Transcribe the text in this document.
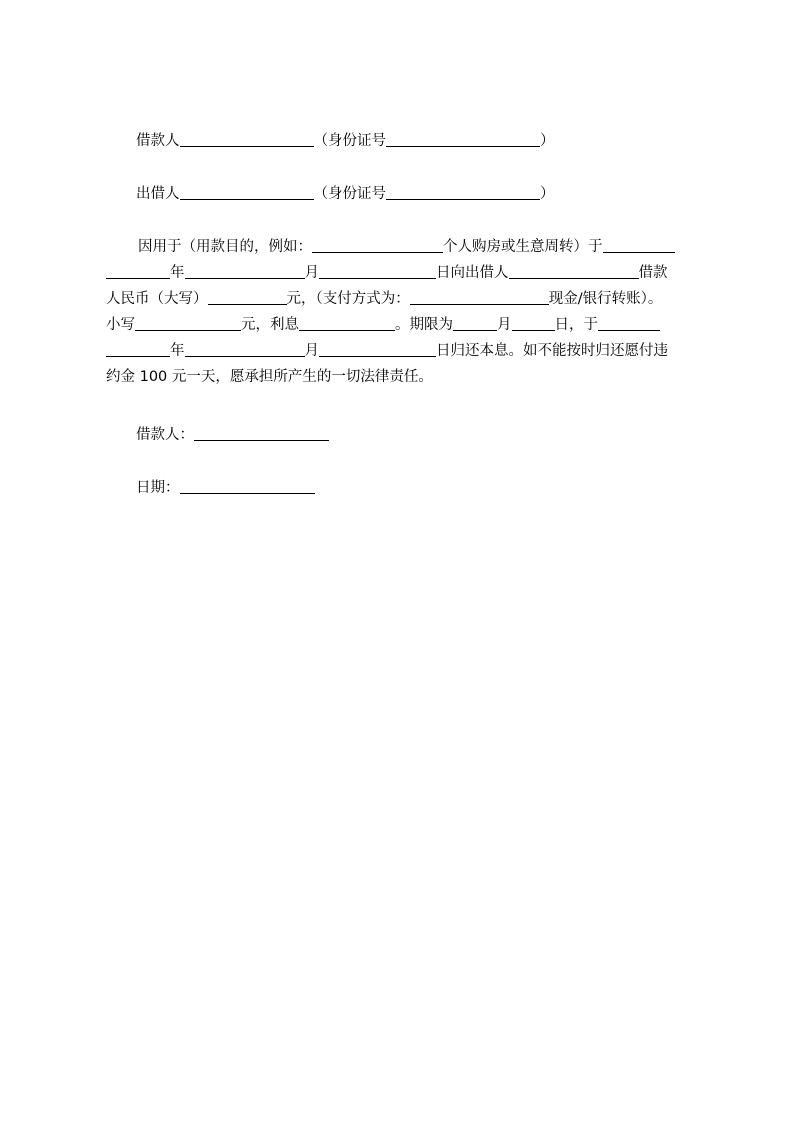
借款人	（身份证号	）
出借人	（身份证号	）
因用于（用款目的，例如：	个人购房或生意周转）于
年	月	日向出借人	借款
人民币（大写）	元，（支付方式为：	现金/银行转账）。
小写	元，利息	。期限为	月	日，于
年	月	日归还本息。如不能按时归还愿付违
约金 100 元一天，愿承担所产生的一切法律责任。
借款人：
日期：
